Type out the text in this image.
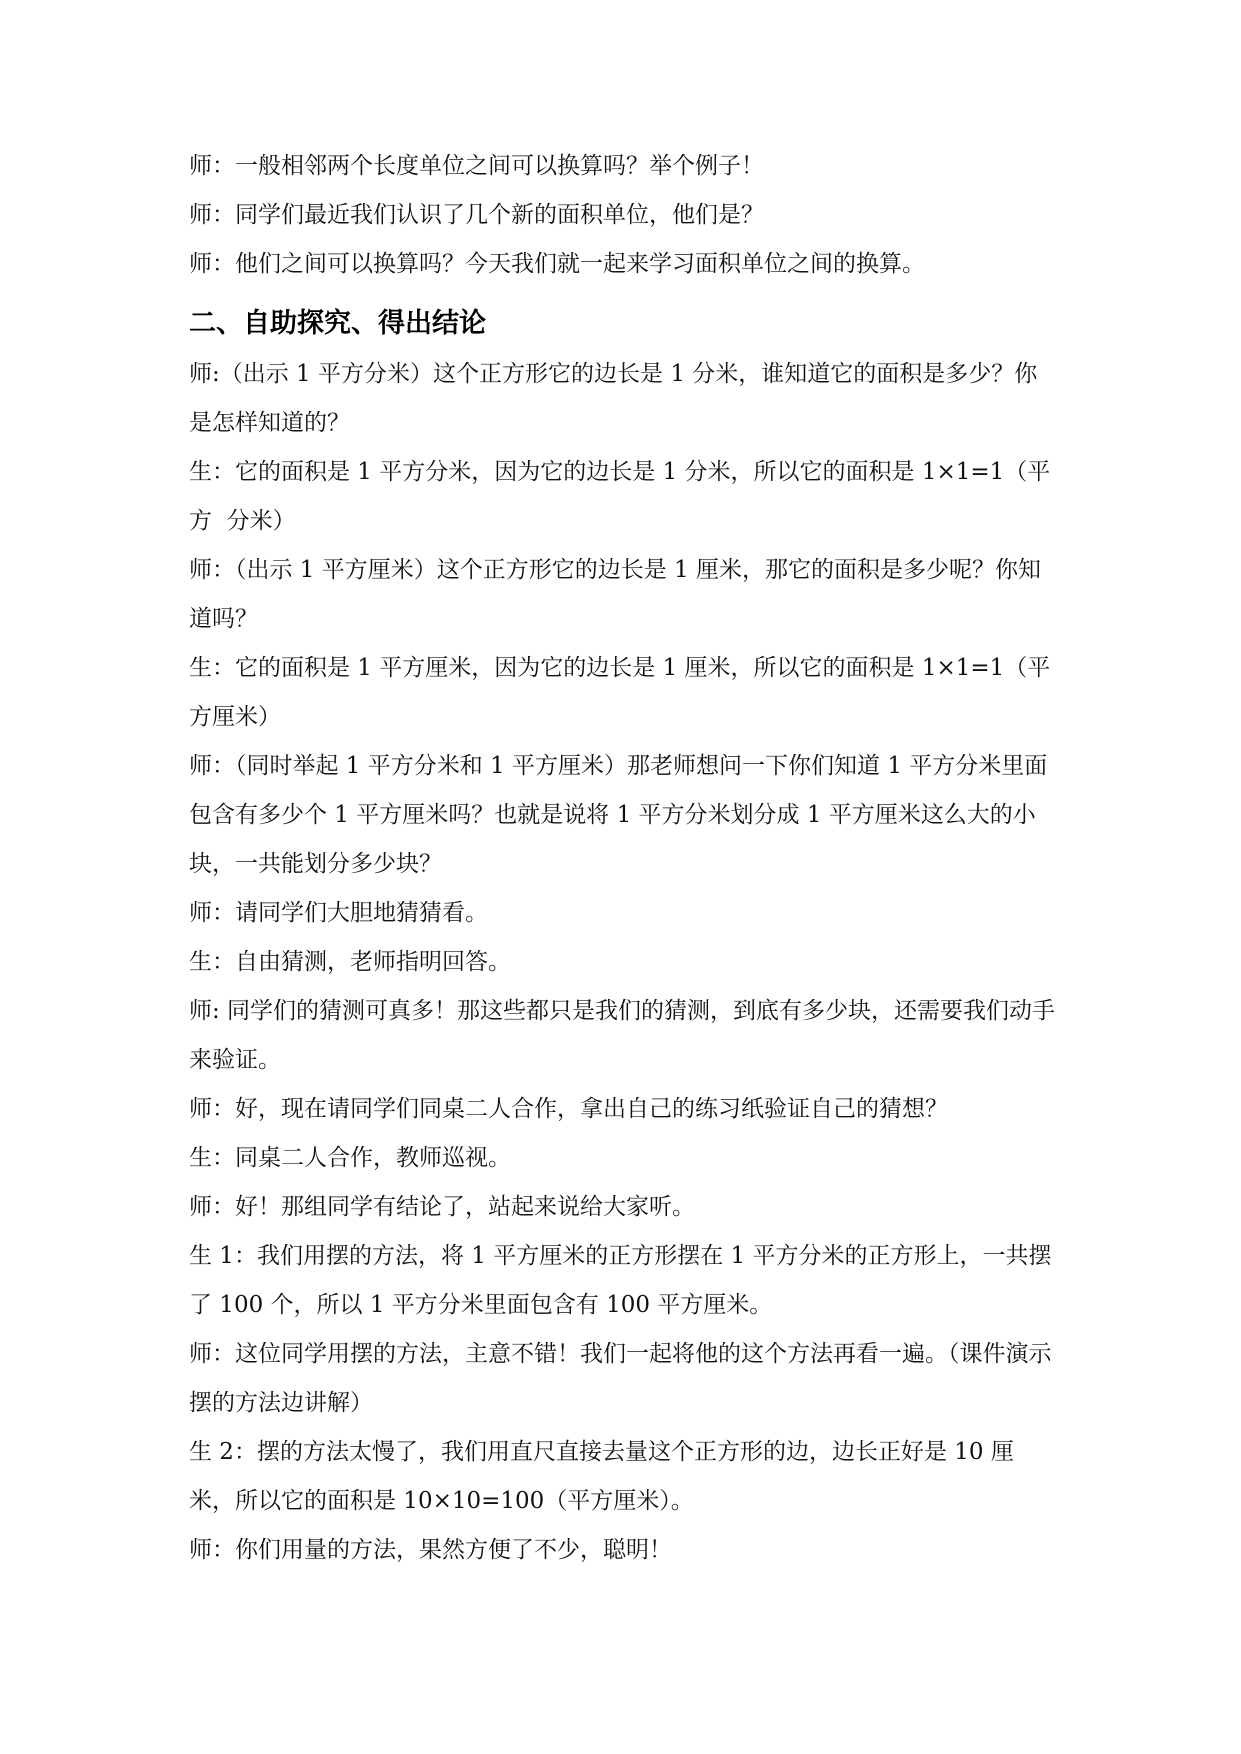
师：一般相邻两个长度单位之间可以换算吗？举个例子！

师：同学们最近我们认识了几个新的面积单位，他们是？

师：他们之间可以换算吗？今天我们就一起来学习面积单位之间的换算。

二、自助探究、得出结论

师:（出示 1 平方分米）这个正方形它的边长是 1 分米，谁知道它的面积是多少？你是怎样知道的？

生：它的面积是 1 平方分米，因为它的边长是 1 分米，所以它的面积是 1×1=1（平方  分米）

师：（出示 1 平方厘米）这个正方形它的边长是 1 厘米，那它的面积是多少呢？你知道吗？

生：它的面积是 1 平方厘米，因为它的边长是 1 厘米，所以它的面积是 1×1=1（平方厘米）

师：（同时举起 1 平方分米和 1 平方厘米）那老师想问一下你们知道 1 平方分米里面包含有多少个 1 平方厘米吗？也就是说将 1 平方分米划分成 1 平方厘米这么大的小块，一共能划分多少块？

师：请同学们大胆地猜猜看。

生：自由猜测，老师指明回答。

师: 同学们的猜测可真多！那这些都只是我们的猜测，到底有多少块，还需要我们动手来验证。

师：好，现在请同学们同桌二人合作，拿出自己的练习纸验证自己的猜想？

生：同桌二人合作，教师巡视。

师：好！那组同学有结论了，站起来说给大家听。

生 1：我们用摆的方法，将 1 平方厘米的正方形摆在 1 平方分米的正方形上，一共摆了 100 个，所以 1 平方分米里面包含有 100 平方厘米。

师：这位同学用摆的方法，主意不错！我们一起将他的这个方法再看一遍。（课件演示摆的方法边讲解）

生 2：摆的方法太慢了，我们用直尺直接去量这个正方形的边，边长正好是 10 厘米，所以它的面积是 10×10=100（平方厘米）。

师：你们用量的方法，果然方便了不少，聪明！
